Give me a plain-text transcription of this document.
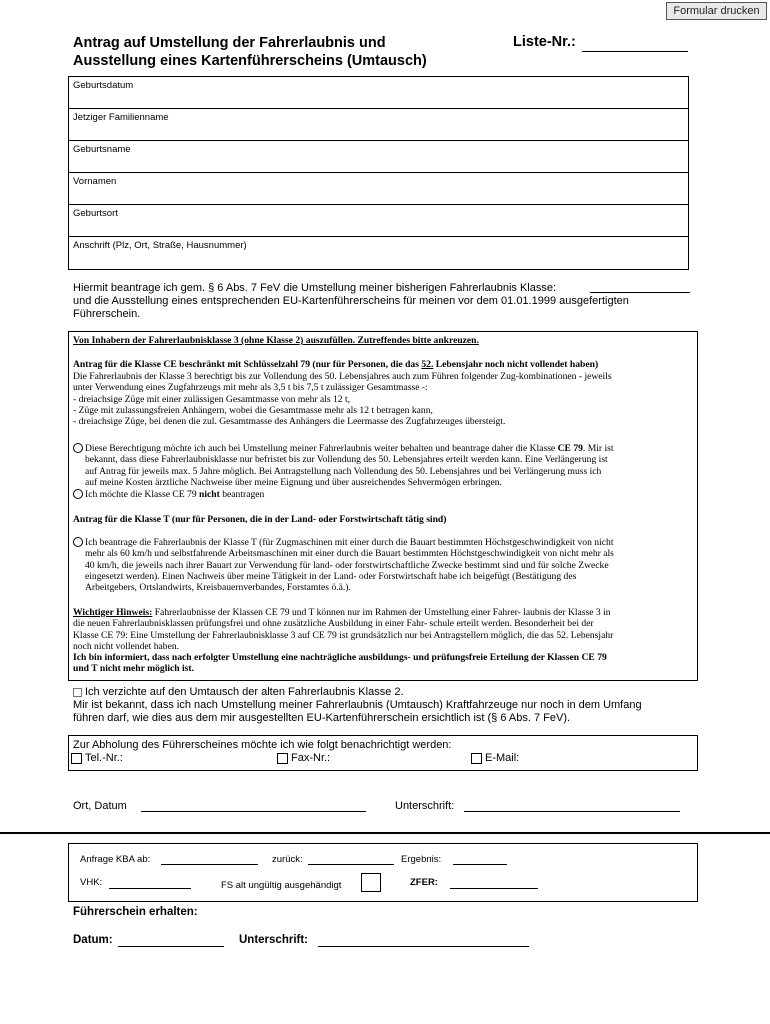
Formular drucken
Antrag auf Umstellung der Fahrerlaubnis und
Ausstellung eines Kartenführerscheins (Umtausch)
Liste-Nr.:
Geburtsdatum
Jetziger Familienname
Geburtsname
Vornamen
Geburtsort
Anschrift (Plz, Ort, Straße, Hausnummer)
Hiermit beantrage ich gem. § 6 Abs. 7 FeV die Umstellung meiner bisherigen Fahrerlaubnis Klasse:
und die Ausstellung eines entsprechenden EU-Kartenführerscheins für meinen vor dem 01.01.1999 ausgefertigten
Führerschein.
Von Inhabern der Fahrerlaubnisklasse 3 (ohne Klasse 2) auszufüllen. Zutreffendes bitte ankreuzen.
Antrag für die Klasse CE beschränkt mit Schlüsselzahl 79 (nur für Personen, die das 52. Lebensjahr noch nicht vollendet haben)
Die Fahrerlaubnis der Klasse 3 berechtigt bis zur Vollendung des 50. Lebensjahres auch zum Führen folgender Zug-kombinationen - jeweils
unter Verwendung eines Zugfahrzeugs mit mehr als 3,5 t bis 7,5 t zulässiger Gesamtmasse -:
- dreiachsige Züge mit einer zulässigen Gesamtmasse von mehr als 12 t,
- Züge mit zulassungsfreien Anhängern, wobei die Gesamtmasse mehr als 12 t betragen kann,
- dreiachsige Züge, bei denen die zul. Gesamtmasse des Anhängers die Leermasse des Zugfahrzeuges übersteigt.
Diese Berechtigung möchte ich auch bei Umstellung meiner Fahrerlaubnis weiter behalten und beantrage daher die Klasse CE 79. Mir ist
bekannt, dass diese Fahrerlaubnisklasse nur befristet bis zur Vollendung des 50. Lebensjahres erteilt werden kann. Eine Verlängerung ist
auf Antrag für jeweils max. 5 Jahre möglich. Bei Antragstellung nach Vollendung des 50. Lebensjahres und bei Verlängerung muss ich
auf meine Kosten ärztliche Nachweise über meine Eignung und über ausreichendes Sehvermögen erbringen.
Ich möchte die Klasse CE 79 nicht beantragen
Antrag für die Klasse T (nur für Personen, die in der Land- oder Forstwirtschaft tätig sind)
Ich beantrage die Fahrerlaubnis der Klasse T (für Zugmaschinen mit einer durch die Bauart bestimmten Höchstgeschwindigkeit von nicht
mehr als 60 km/h und selbstfahrende Arbeitsmaschinen mit einer durch die Bauart bestimmten Höchstgeschwindigkeit von nicht mehr als
40 km/h, die jeweils nach ihrer Bauart zur Verwendung für land- oder forstwirtschaftliche Zwecke bestimmt sind und für solche Zwecke
eingesetzt werden). Einen Nachweis über meine Tätigkeit in der Land- oder Forstwirtschaft habe ich beigefügt (Bestätigung des
Arbeitgebers, Ortslandwirts, Kreisbauernverbandes, Forstamtes ö.ä.).
Wichtiger Hinweis: Fahrerlaubnisse der Klassen CE 79 und T können nur im Rahmen der Umstellung einer Fahrer- laubnis der Klasse 3 in
die neuen Fahrerlaubnisklassen prüfungsfrei und ohne zusätzliche Ausbildung in einer Fahr- schule erteilt werden. Besonderheit bei der
Klasse CE 79: Eine Umstellung der Fahrerlaubnisklasse 3 auf CE 79 ist grundsätzlich nur bei Antragstellern möglich, die das 52. Lebensjahr
noch nicht vollendet haben.
Ich bin informiert, dass nach erfolgter Umstellung eine nachträgliche ausbildungs- und prüfungsfreie Erteilung der Klassen CE 79
und T nicht mehr möglich ist.
Ich verzichte auf den Umtausch der alten Fahrerlaubnis Klasse 2.
Mir ist bekannt, dass ich nach Umstellung meiner Fahrerlaubnis (Umtausch) Kraftfahrzeuge nur noch in dem Umfang
führen darf, wie dies aus dem mir ausgestellten EU-Kartenführerschein ersichtlich ist (§ 6 Abs. 7 FeV).
Zur Abholung des Führerscheines möchte ich wie folgt benachrichtigt werden:
Tel.-Nr.:	Fax-Nr.:	E-Mail:
Ort, Datum	Unterschrift:
Anfrage KBA ab:	zurück:	Ergebnis:
VHK:	FS alt ungültig ausgehändigt	ZFER:
Führerschein erhalten:
Datum:	Unterschrift:
